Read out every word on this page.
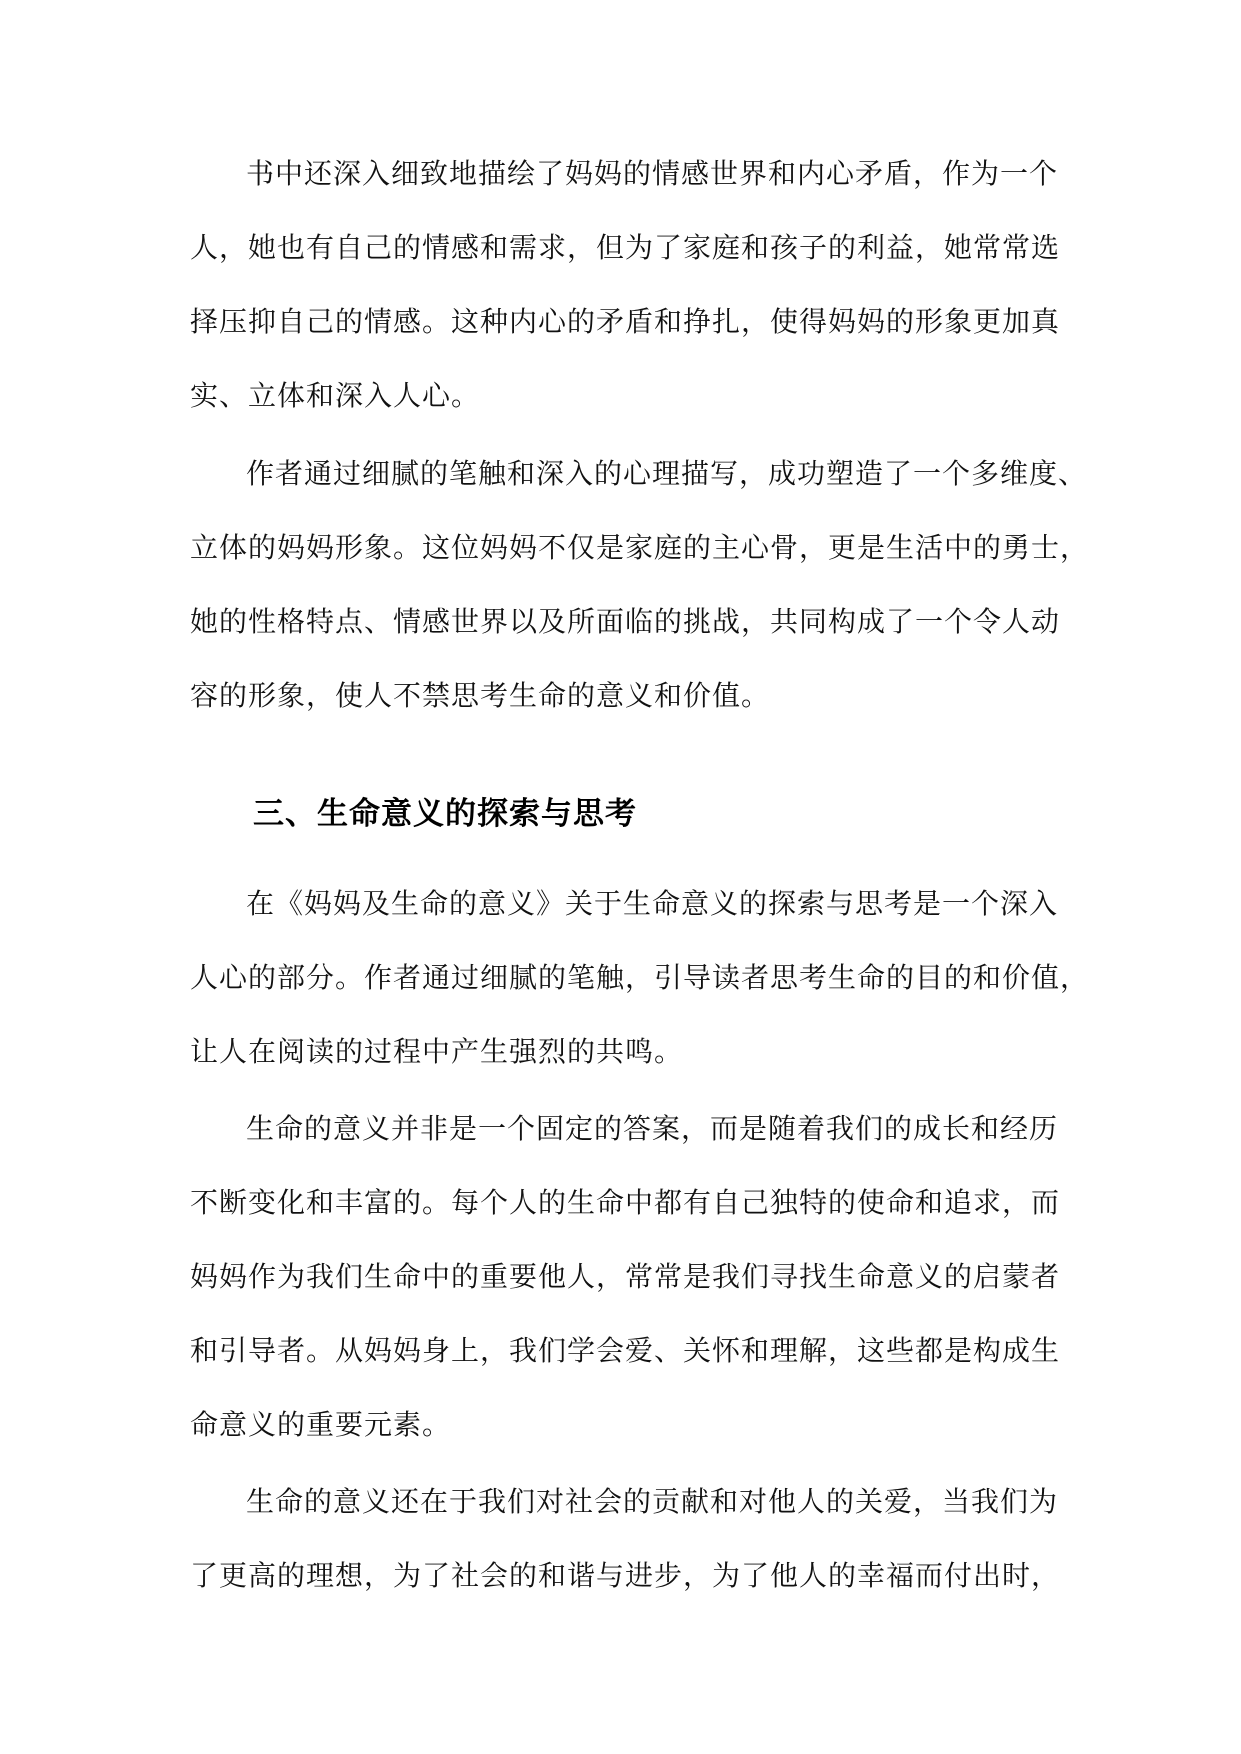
书中还深入细致地描绘了妈妈的情感世界和内心矛盾，作为一个
人，她也有自己的情感和需求，但为了家庭和孩子的利益，她常常选
择压抑自己的情感。这种内心的矛盾和挣扎，使得妈妈的形象更加真
实、立体和深入人心。

作者通过细腻的笔触和深入的心理描写，成功塑造了一个多维度、
立体的妈妈形象。这位妈妈不仅是家庭的主心骨，更是生活中的勇士，
她的性格特点、情感世界以及所面临的挑战，共同构成了一个令人动
容的形象，使人不禁思考生命的意义和价值。

三、生命意义的探索与思考

在《妈妈及生命的意义》关于生命意义的探索与思考是一个深入
人心的部分。作者通过细腻的笔触，引导读者思考生命的目的和价值，
让人在阅读的过程中产生强烈的共鸣。

生命的意义并非是一个固定的答案，而是随着我们的成长和经历
不断变化和丰富的。每个人的生命中都有自己独特的使命和追求，而
妈妈作为我们生命中的重要他人，常常是我们寻找生命意义的启蒙者
和引导者。从妈妈身上，我们学会爱、关怀和理解，这些都是构成生
命意义的重要元素。

生命的意义还在于我们对社会的贡献和对他人的关爱，当我们为
了更高的理想，为了社会的和谐与进步，为了他人的幸福而付出时，
